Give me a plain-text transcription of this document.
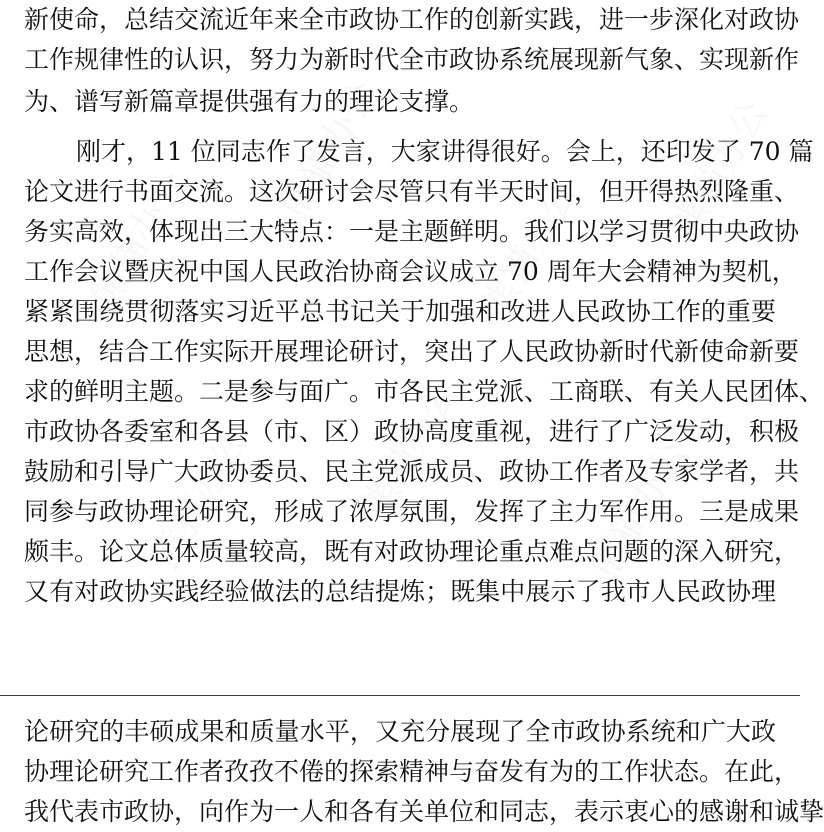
新使命，总结交流近年来全市政协工作的创新实践，进一步深化对政协
工作规律性的认识，努力为新时代全市政协系统展现新气象、实现新作
为、谱写新篇章提供强有力的理论支撑。
刚才，11 位同志作了发言，大家讲得很好。会上，还印发了 70 篇
论文进行书面交流。这次研讨会尽管只有半天时间，但开得热烈隆重、
务实高效，体现出三大特点：一是主题鲜明。我们以学习贯彻中央政协
工作会议暨庆祝中国人民政治协商会议成立 70 周年大会精神为契机，
紧紧围绕贯彻落实习近平总书记关于加强和改进人民政协工作的重要
思想，结合工作实际开展理论研讨，突出了人民政协新时代新使命新要
求的鲜明主题。二是参与面广。市各民主党派、工商联、有关人民团体、
市政协各委室和各县（市、区）政协高度重视，进行了广泛发动，积极
鼓励和引导广大政协委员、民主党派成员、政协工作者及专家学者，共
同参与政协理论研究，形成了浓厚氛围，发挥了主力军作用。三是成果
颇丰。论文总体质量较高，既有对政协理论重点难点问题的深入研究，
又有对政协实践经验做法的总结提炼；既集中展示了我市人民政协理
论研究的丰硕成果和质量水平，又充分展现了全市政协系统和广大政
协理论研究工作者孜孜不倦的探索精神与奋发有为的工作状态。在此，
我代表市政协，向作为一人和各有关单位和同志，表示衷心的感谢和诚挚
